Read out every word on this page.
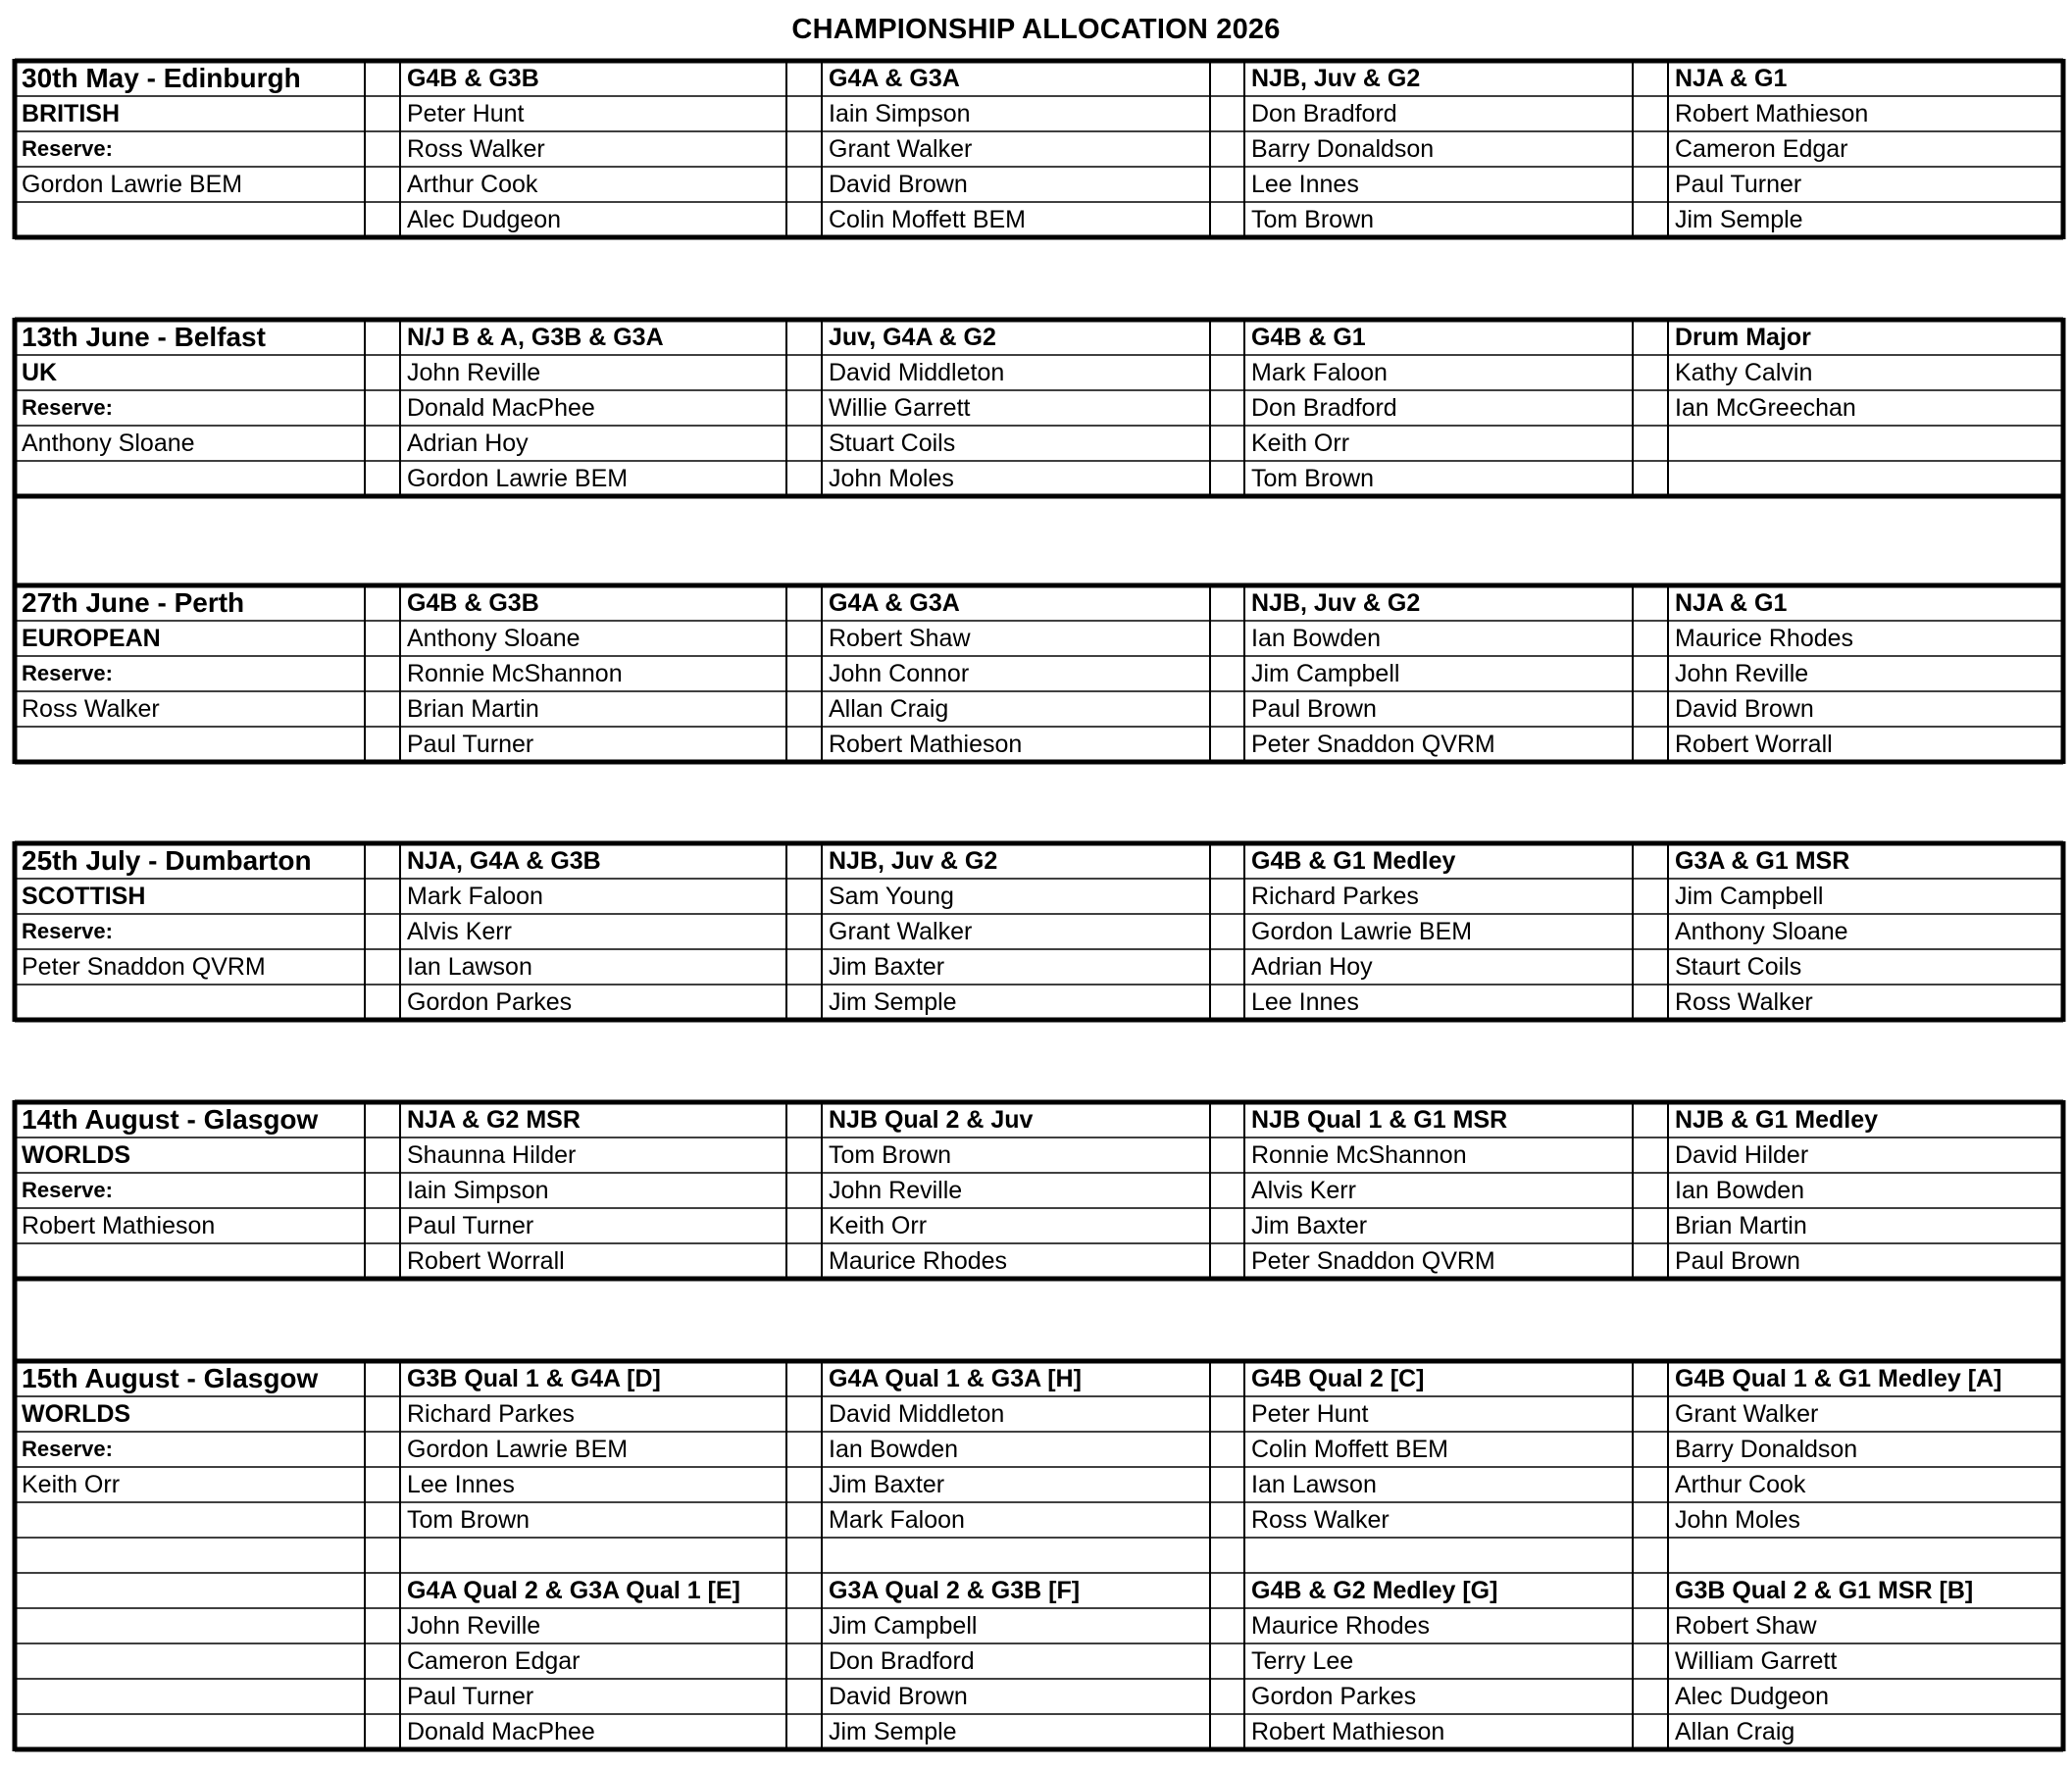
CHAMPIONSHIP ALLOCATION 2026
30th May - Edinburgh
BRITISH
Reserve:
Gordon Lawrie BEM
G4B & G3B
Peter Hunt
Ross Walker
Arthur Cook
Alec Dudgeon
G4A & G3A
Iain Simpson
Grant Walker
David Brown
Colin Moffett BEM
NJB, Juv & G2
Don Bradford
Barry Donaldson
Lee Innes
Tom Brown
NJA & G1
Robert Mathieson
Cameron Edgar
Paul Turner
Jim Semple
13th June - Belfast
UK
Reserve:
Anthony Sloane
N/J B & A, G3B & G3A
John Reville
Donald MacPhee
Adrian Hoy
Gordon Lawrie BEM
Juv, G4A & G2
David Middleton
Willie Garrett
Stuart Coils
John Moles
G4B & G1
Mark Faloon
Don Bradford
Keith Orr
Tom Brown
Drum Major
Kathy Calvin
Ian McGreechan
27th June - Perth
EUROPEAN
Reserve:
Ross Walker
G4B & G3B
Anthony Sloane
Ronnie McShannon
Brian Martin
Paul Turner
G4A & G3A
Robert Shaw
John Connor
Allan Craig
Robert Mathieson
NJB, Juv & G2
Ian Bowden
Jim Campbell
Paul Brown
Peter Snaddon QVRM
NJA & G1
Maurice Rhodes
John Reville
David Brown
Robert Worrall
25th July - Dumbarton
SCOTTISH
Reserve:
Peter Snaddon QVRM
NJA, G4A & G3B
Mark Faloon
Alvis Kerr
Ian Lawson
Gordon Parkes
NJB, Juv & G2
Sam Young
Grant Walker
Jim Baxter
Jim Semple
G4B & G1 Medley
Richard Parkes
Gordon Lawrie BEM
Adrian Hoy
Lee Innes
G3A & G1 MSR
Jim Campbell
Anthony Sloane
Staurt Coils
Ross Walker
14th August - Glasgow
WORLDS
Reserve:
Robert Mathieson
NJA & G2 MSR
Shaunna Hilder
Iain Simpson
Paul Turner
Robert Worrall
NJB Qual 2 & Juv
Tom Brown
John Reville
Keith Orr
Maurice Rhodes
NJB Qual 1 & G1 MSR
Ronnie McShannon
Alvis Kerr
Jim Baxter
Peter Snaddon QVRM
NJB & G1 Medley
David Hilder
Ian Bowden
Brian Martin
Paul Brown
15th August - Glasgow
WORLDS
Reserve:
Keith Orr
G3B Qual 1 & G4A [D]
Richard Parkes
Gordon Lawrie BEM
Lee Innes
Tom Brown
G4A Qual 1 & G3A [H]
David Middleton
Ian Bowden
Jim Baxter
Mark Faloon
G4B Qual 2 [C]
Peter Hunt
Colin Moffett BEM
Ian Lawson
Ross Walker
G4B Qual 1 & G1 Medley [A]
Grant Walker
Barry Donaldson
Arthur Cook
John Moles
G4A Qual 2 & G3A Qual 1 [E]
John Reville
Cameron Edgar
Paul Turner
Donald MacPhee
G3A Qual 2 & G3B [F]
Jim Campbell
Don Bradford
David Brown
Jim Semple
G4B & G2 Medley [G]
Maurice Rhodes
Terry Lee
Gordon Parkes
Robert Mathieson
G3B Qual 2 & G1 MSR [B]
Robert Shaw
William Garrett
Alec Dudgeon
Allan Craig
